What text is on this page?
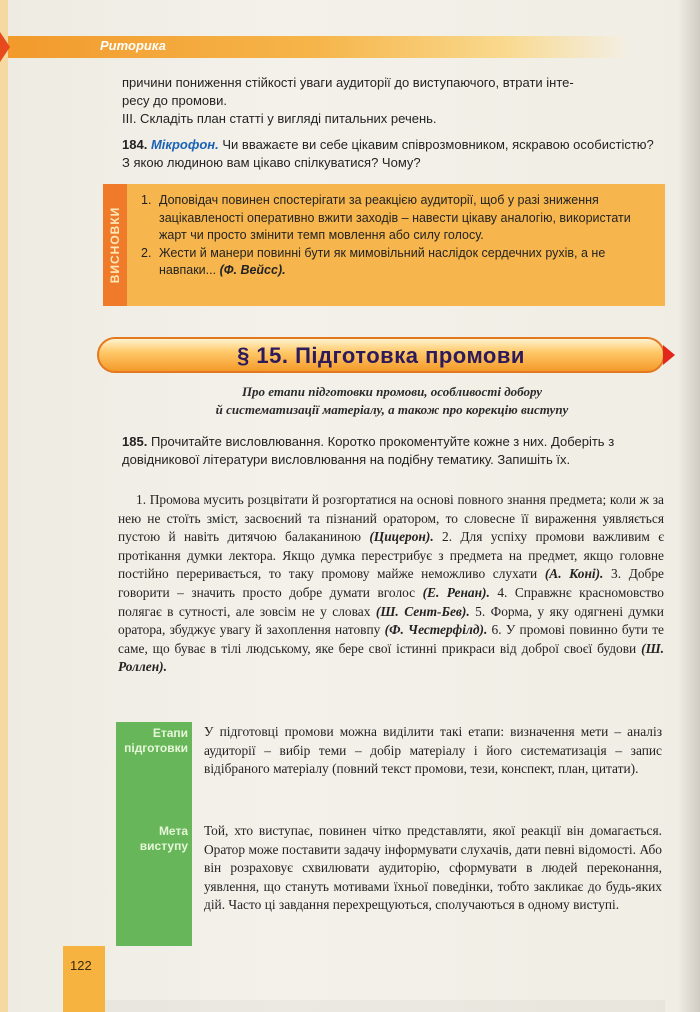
Риторика
причини пониження стійкості уваги аудиторії до виступаючого, втрати інте-
ресу до промови.
III. Складіть план статті у вигляді питальних речень.
184. Мікрофон. Чи вважаєте ви себе цікавим співрозмовником, яскравою особистістю? З якою людиною вам цікаво спілкуватися? Чому?
ВИСНОВКИ
1. Доповідач повинен спостерігати за реакцією аудиторії, щоб у разі зниження зацікавленості оперативно вжити заходів – навести цікаву аналогію, використати жарт чи просто змінити темп мовлення або силу голосу.
2. Жести й манери повинні бути як мимовільний наслідок сердечних рухів, а не навпаки... (Ф. Вейсс).
§ 15. Підготовка промови
Про етапи підготовки промови, особливості добору
й систематизації матеріалу, а також про корекцію виступу
185. Прочитайте висловлювання. Коротко прокоментуйте кожне з них. Доберіть з довідникової літератури висловлювання на подібну тематику. Запишіть їх.
1. Промова мусить розцвітати й розгортатися на основі повного знання предмета; коли ж за нею не стоїть зміст, засвоєний та пізнаний оратором, то словесне її вираження уявляється пустою й навіть дитячою балаканиною (Цицерон). 2. Для успіху промови важливим є протікання думки лектора. Якщо думка перестрибує з предмета на предмет, якщо головне постійно переривається, то таку промову майже неможливо слухати (А. Коні). 3. Добре говорити – значить просто добре думати вголос (Е. Ренан). 4. Справжнє красномовство полягає в сутності, але зовсім не у словах (Ш. Сент-Бев). 5. Форма, у яку одягнені думки оратора, збуджує увагу й захоплення натовпу (Ф. Честерфілд). 6. У промові повинно бути те саме, що буває в тілі людському, яке бере свої істинні прикраси від доброї своєї будови (Ш. Роллен).
Етапи
підготовки
Мета
виступу
У підготовці промови можна виділити такі етапи: визначення мети – аналіз аудиторії – вибір теми – добір матеріалу і його систематизація – запис відібраного матеріалу (повний текст промови, тези, конспект, план, цитати).
Той, хто виступає, повинен чітко представляти, якої реакції він домагається. Оратор може поставити задачу інформувати слухачів, дати певні відомості. Або він розраховує схвилювати аудиторію, сформувати в людей переконання, уявлення, що стануть мотивами їхньої поведінки, тобто закликає до будь-яких дій. Часто ці завдання перехрещуються, сполучаються в одному виступі.
122
